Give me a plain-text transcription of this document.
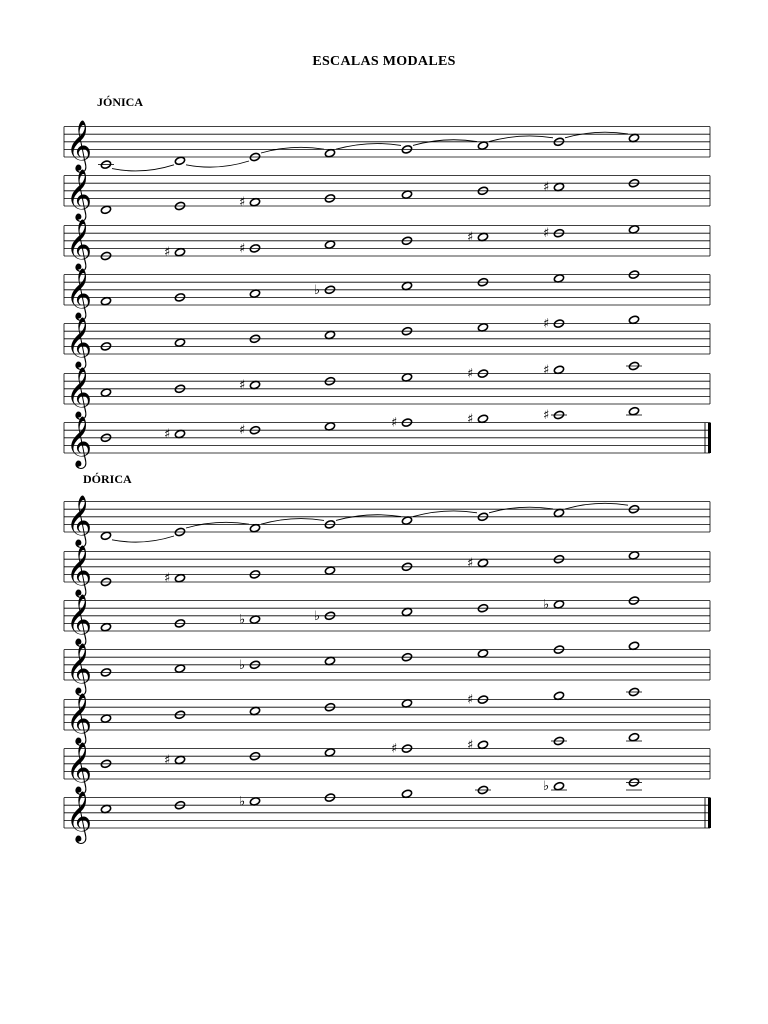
ESCALAS MODALES
JÓNICA
DÓRICA
𝄞
𝄞	♯
♯
𝄞	♯	♯
♯	♯
𝄞	♭
𝄞	♯
𝄞	♯
♯	♯
𝄞	♯	♯
♯	♯	♯
𝄞
𝄞	♯
♯
𝄞	♭	♭
♭
𝄞	♭
𝄞	♯
𝄞	♯
♯	♯
𝄞	♭
♭
